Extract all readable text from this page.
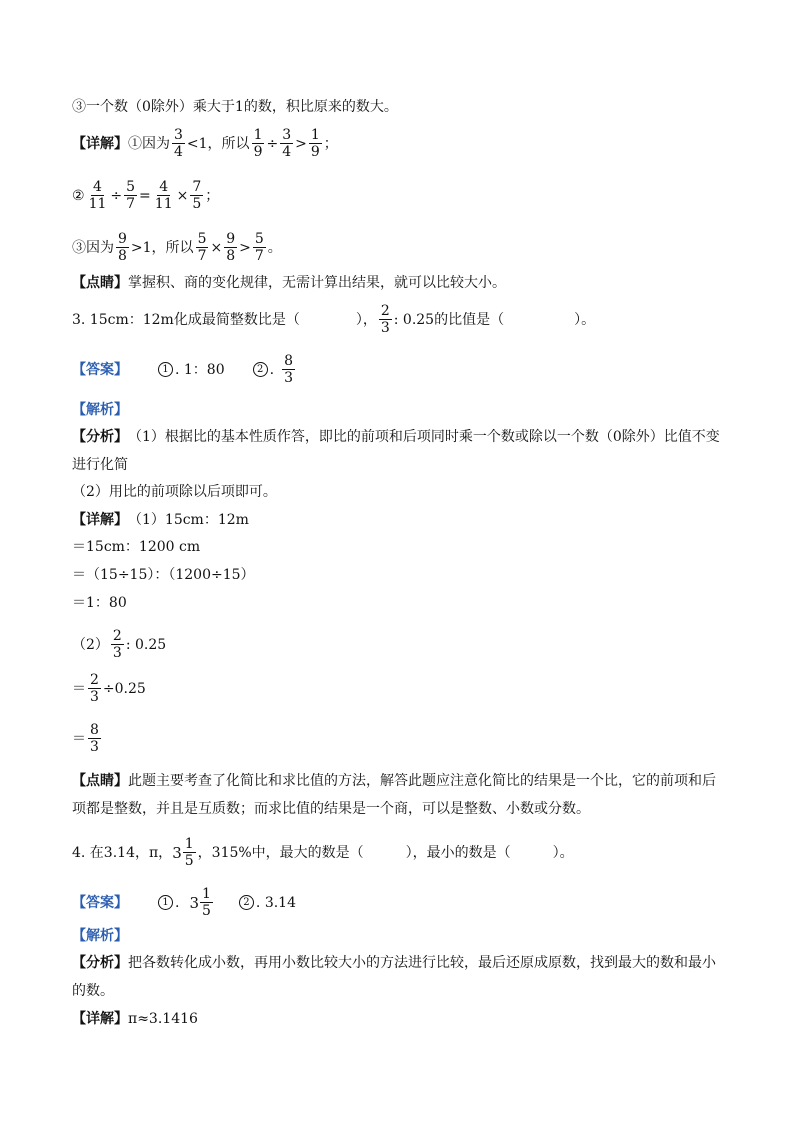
③一个数（0除外）乘大于1的数，积比原来的数大。
【详解】 ①因为 $\frac{3}{4} <1$，所以 $\frac{1}{9} \div \frac{3}{4} > \frac{1}{9}$ ；
② $\frac{4}{11} \div \frac{5}{7} = \frac{4}{11} \times \frac{7}{5}$ ；
③因为 $\frac{9}{8} >1$，所以 $\frac{5}{7} \times \frac{9}{8} > \frac{5}{7}$ 。
【点睛】 掌握积、商的变化规律，无需计算出结果，就可以比较大小。
3. 15cm：12m化成最简整数比是（　　　　）， $\frac{2}{3}$ : 0.25的比值是（　　　　　）。
【答案】	1 . 1：80	2 . $\frac{8}{3}$
【解析】
【分析】 （1）根据比的基本性质作答，即比的前项和后项同时乘一个数或除以一个数（0除外）比值不变
进行化简
（2）用比的前项除以后项即可。
【详解】 （1）15cm：12m
＝15cm：1200 cm
＝（15÷15）：（1200÷15）
＝1：80
$(2) \frac{2}{3}$ : 0.25
＝ $\frac{2}{3} \div 0.25$
＝ $\frac{8}{3}$
【点睛】 此题主要考查了化简比和求比值的方法，解答此题应注意化简比的结果是一个比，它的前项和后
项都是整数，并且是互质数；而求比值的结果是一个商，可以是整数、小数或分数。
4. 在3.14，π， $3 \frac{1}{5}$ ，315%中，最大的数是（　　　），最小的数是（　　　）。
【答案】	1 . $3 \frac{1}{5}$	2 . 3.14
【解析】
【分析】 把各数转化成小数，再用小数比较大小的方法进行比较，最后还原成原数，找到最大的数和最小
的数。
【详解】 π≈3.1416
